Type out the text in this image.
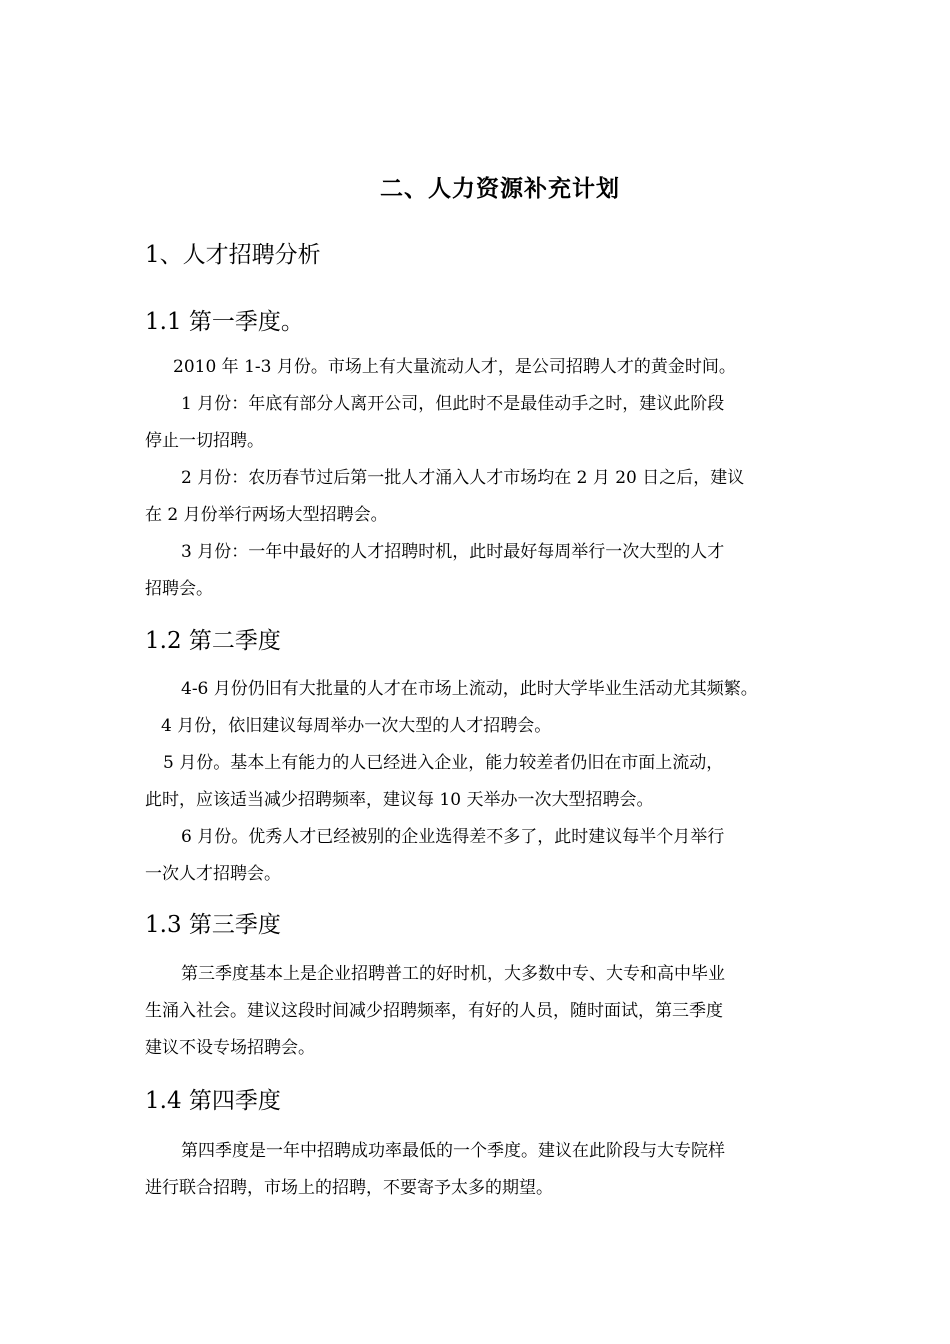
二、人力资源补充计划
1、人才招聘分析
1.1 第一季度。

2010 年 1-3 月份。市场上有大量流动人才，是公司招聘人才的黄金时间。
1 月份：年底有部分人离开公司，但此时不是最佳动手之时，建议此阶段
停止一切招聘。
2 月份：农历春节过后第一批人才涌入人才市场均在 2 月 20 日之后，建议
在 2 月份举行两场大型招聘会。
3 月份：一年中最好的人才招聘时机，此时最好每周举行一次大型的人才
招聘会。

1.2 第二季度

4-6 月份仍旧有大批量的人才在市场上流动，此时大学毕业生活动尤其频繁。
4 月份，依旧建议每周举办一次大型的人才招聘会。
5 月份。基本上有能力的人已经进入企业，能力较差者仍旧在市面上流动，
此时，应该适当减少招聘频率，建议每 10 天举办一次大型招聘会。
6 月份。优秀人才已经被别的企业选得差不多了，此时建议每半个月举行
一次人才招聘会。

1.3 第三季度

第三季度基本上是企业招聘普工的好时机，大多数中专、大专和高中毕业
生涌入社会。建议这段时间减少招聘频率，有好的人员，随时面试，第三季度
建议不设专场招聘会。

1.4 第四季度

第四季度是一年中招聘成功率最低的一个季度。建议在此阶段与大专院样
进行联合招聘，市场上的招聘，不要寄予太多的期望。
